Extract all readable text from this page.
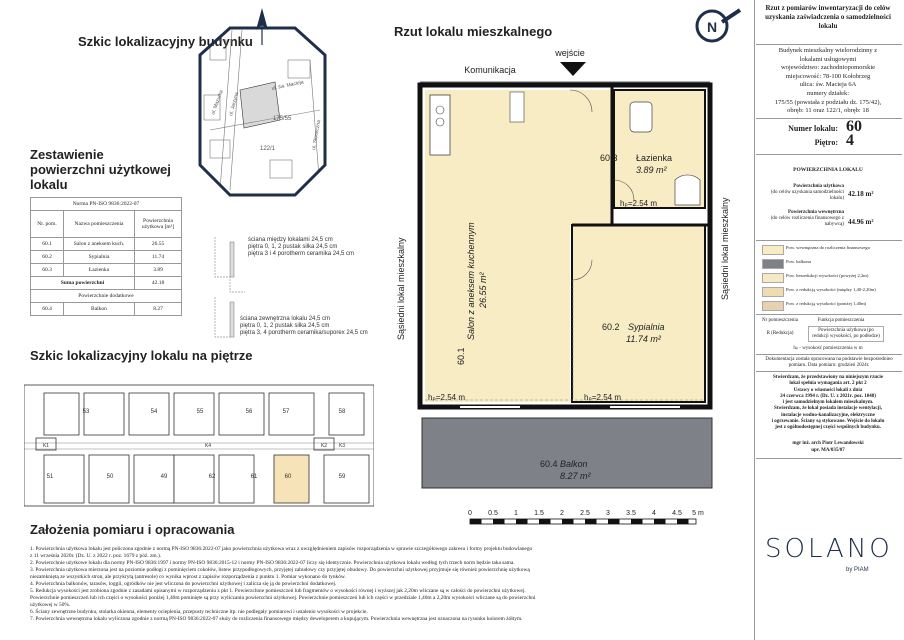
Szkic lokalizacyjny budynku
Rzut lokalu mieszkalnego
Zestawienie powierzchni użytkowej lokalu
Szkic lokalizacyjny lokalu na piętrze
Założenia pomiaru i opracowania
ul. Mazurka ul. Jarzyna
ul. św. Macieja
ul. Słoneczna
175/55
122/1
Norma PN-ISO 9836:2022-07		
Nr. pom.	Nazwa pomieszczenia	Powierzchnia użytkowa [m²]
60.1	Salon z aneksem kuch.	26.55
60.2	Sypialnia	11.74
60.3	Łazienka	3.89
Suma powierzchni		42.18
Powierzchnie dodatkowe		
60.4	Balkon	8.27
ściana między lokalami 24,5 cm
piętra 0, 1, 2 pustak silka 24,5 cm
piętra 3 i 4 porotherm ceramika 24,5 cm
ściana zewnętrzna lokalu 24,5 cm
piętra 0, 1, 2 pustak silka 24,5 cm
piętra 3, 4 porotherm ceramika/suporex 24,5 cm
53	54	55	56	57	58
51	50	49	62	61	60	59
K1	K2 K3
K4
wejście
Komunikacja
60.3 Łazienka
3.89 m²
60.2 Sypialnia
11.74 m²
60.4 Balkon
8.27 m²
60.1
Salon z aneksem kuchennym 26.55 m²
hₚ=2.54 m
hₚ=2.54 m	hₚ=2.54 m
Sąsiedni lokal mieszkalny	Sąsiedni lokal mieszkalny
0 0.5 1 1.5 2 2.5 3 3.5 4 4.5 5 m
N
1. Powierzchnia użytkowa lokalu jest policzona zgodnie z normą PN-ISO 9836:2022-07 jako powierzchnia użytkowa wraz z uwzględnieniem zapisów rozporządzenia w sprawie szczegółowego zakresu i formy projektu budowlanego
z 11 września 2020r. (Dz. U. z 2022 r. poz. 1679 z póź. zm.).
2. Powierzchnie użytkowe lokalu dla normy PN-ISO 9836:1997 i normy PN-ISO 9836:2015-12 i normy PN-ISO 9836:2022-07 liczy się identycznie. Powierzchnia użytkowa lokalu według tych trzech norm będzie taka sama.
3. Powierzchnia użytkowa mierzona jest na poziomie podłogi z pominięciem cokołów, listew przypodłogowych, przyjętej zabudowy czy przyjętej obudowy. Do powierzchni użytkowej przyjmuje się również powierzchnię użytkową
niezamkniętą ze wszystkich stron, ale przykrytą (antresole) co wynika wprost z zapisów rozporządzenia z punktu 1. Pomiar wykonano do tynków.
4. Powierzchnia balkonów, tarasów, loggii, ogródków nie jest wliczona do powierzchni użytkowej i zalicza się ją do powierzchni dodatkowej.
5. Redukcja wysokości jest zrobiona zgodnie z zasadami opisanymi w rozporządzeniu z pkt 1. Powierzchnie pomieszczeń lub fragmentów o wysokości równej i wyższej jak 2,20m wliczane są w całości do powierzchni użytkowej.
Powierzchnie pomieszczeń lub ich części o wysokości poniżej 1,40m pominięte są przy wyliczaniu powierzchni użytkowej. Powierzchnie pomieszczeń lub ich części w przedziale 1,40m a 2,20m wysokości wliczane są do powierzchni
użytkowej w 50%.
6. Ściany zewnętrzne budynku, stolarka okienna, elementy ocieplenia, przepusty techniczne itp. nie podlegały pomiarowi i ustaleniu wysokości w projekcie.
7. Powierzchnia wewnętrzna lokalu wyliczona zgodnie z normą PN-ISO 9836:2022-07 służy do rozliczenia finansowego między deweloperem a kupującym. Powierzchnia wewnętrzna jest oznaczona na rysunku kolorem żółtym.
Rzut z pomiarów inwentaryzacji do celów uzyskania zaświadczenia o samodzielności lokalu
Budynek mieszkalny wielorodzinny z
lokalami usługowymi
województwo: zachodniopomorskie
miejscowość: 78-100 Kołobrzeg
ulica: św. Macieja 6A
numery działek:
175/55 (powstała z podziału dz. 175/42),
obręb: 11 oraz 122/1, obręb: 18
Numer lokalu: 60
Piętro: 4
POWIERZCHNIA LOKALU
Powierzchnia użytkowa
(do celów uzyskania samodzielności lokalu)
42.18 m²
Powierzchnia wewnętrzna
(do celów rozliczenia finansowego z nabywcą) 44.96 m²
Pow. wewnętrzna do rozliczenia finansowego
Pow. balkonu
Pow. bezredukcji wysokości (powyżej 2,2m)
Pow. z redukcją wysokości (między 1,40-2,20m)
Pow. z redukcją wysokości (poniżej 1,40m)
Nr pomieszczenia	Funkcja pomieszczenia
R (Redukcja)
Powierzchnia użytkowa (po redukcji wysokości, po podłodze)
hₚ - wysokość pomieszczenia w m
Dokumentacja została opracowana na podstawie bezpośrednieo pomiaru. Data pomiaru: grudzień 2024r.
Stwierdzam, że przedstawiony na niniejszym rzucie
lokal spełnia wymagania art. 2 pkt 2
Ustawy o własności lokali z dnia
24 czerwca 1994 r. (Dz. U. z 2021r. poz. 1048)
i jest samodzielnym lokalem mieszkalnym.
Stwierdzam, że lokal posiada instalacje wentylacji,
instalacje wodno-kanalizacyjne, elektryczne
i ogrzewanie. Ściany są stykowane. Wejście do lokalu
jest z ogólnodostępnej części wspólnych budynku.
mgr inż. arch Piotr Lewandowski
upr. MA/035/07
SOLANO
by PIAM
